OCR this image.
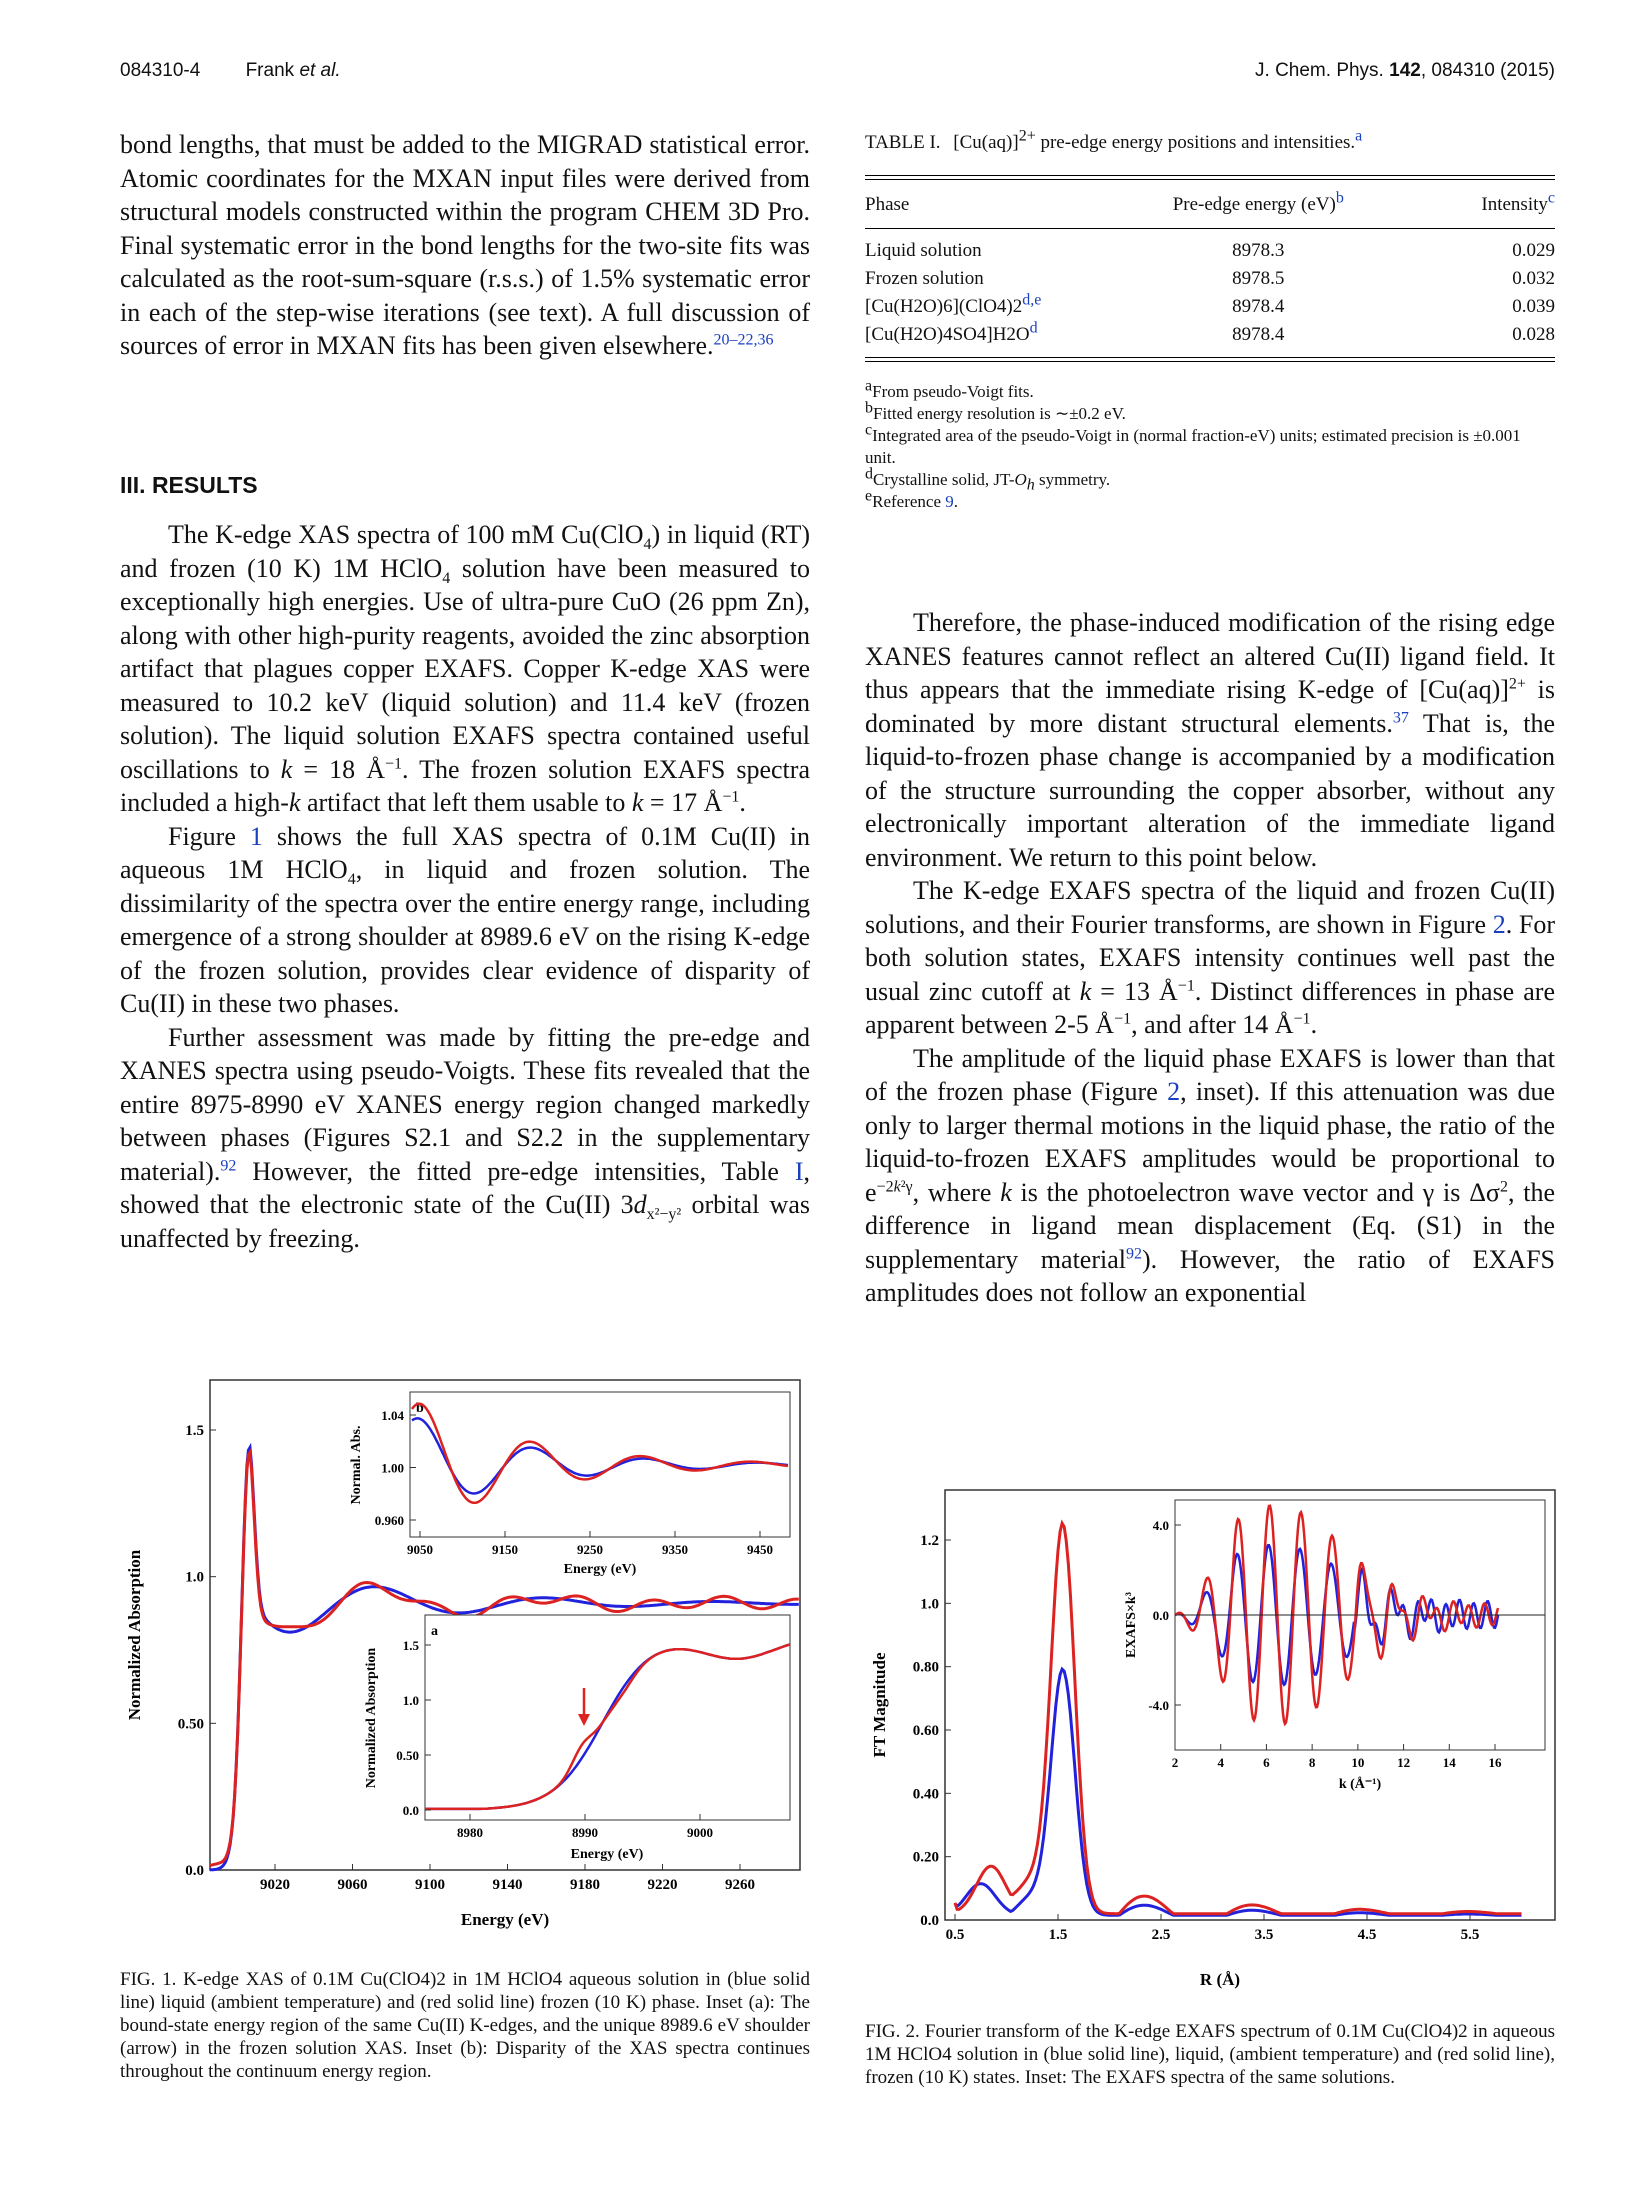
084310-4 Frank et al.	J. Chem. Phys. 142, 084310 (2015)

bond lengths, that must be added to the MIGRAD statistical error. Atomic coordinates for the MXAN input files were derived from structural models constructed within the program CHEM 3D Pro. Final systematic error in the bond lengths for the two-site fits was calculated as the root-sum-square (r.s.s.) of 1.5% systematic error in each of the step-wise iterations (see text). A full discussion of sources of error in MXAN fits has been given elsewhere.$^{20-22,36}$

III. RESULTS

The K-edge XAS spectra of 100 mM Cu(ClO$_4$) in liquid (RT) and frozen (10 K) 1M HClO$_4$ solution have been measured to exceptionally high energies. Use of ultra-pure CuO (26 ppm Zn), along with other high-purity reagents, avoided the zinc absorption artifact that plagues copper EXAFS. Copper K-edge XAS were measured to 10.2 keV (liquid solution) and 11.4 keV (frozen solution). The liquid solution EXAFS spectra contained useful oscillations to k = 18 $Å^{-1}$. The frozen solution EXAFS spectra included a high-k artifact that left them usable to k = 17 $Å^{-1}$.

Figure 1 shows the full XAS spectra of 0.1M Cu(II) in aqueous 1M HClO$_4$, in liquid and frozen solution. The dissimilarity of the spectra over the entire energy range, including emergence of a strong shoulder at 8989.6 eV on the rising K-edge of the frozen solution, provides clear evidence of disparity of Cu(II) in these two phases.

Further assessment was made by fitting the pre-edge and XANES spectra using pseudo-Voigts. These fits revealed that the entire 8975-8990 eV XANES energy region changed markedly between phases (Figures S2.1 and S2.2 in the supplementary material).$^{92}$ However, the fitted pre-edge intensities, Table I, showed that the electronic state of the Cu(II) $3d_{x^2-y^2}$ orbital was unaffected by freezing.

TABLE I. $[Cu(aq)]^{2+}$ pre-edge energy positions and intensities.$^a$
Phase	Pre-edge energy (eV)$^b$	Intensity$^c$
Liquid solution	8978.3	0.029
Frozen solution	8978.5	0.032
[Cu(H2O)6](ClO4)2$^{d,e}$	8978.4	0.039
$[Cu(H2O)4SO4]H2O^d$	8978.4	0.028
$^a$From pseudo-Voigt fits.
$^b$Fitted energy resolution is ∼±0.2 eV.
$^c$Integrated area of the pseudo-Voigt in (normal fraction-eV) units; estimated precision is ±0.001 unit.
$^d$Crystalline solid, $JT-O_h$ symmetry.
$^e$Reference 9.

Therefore, the phase-induced modification of the rising edge XANES features cannot reflect an altered Cu(II) ligand field. It thus appears that the immediate rising K-edge of $[Cu(aq)]^{2+}$ is dominated by more distant structural elements.$^{37}$ That is, the liquid-to-frozen phase change is accompanied by a modification of the structure surrounding the copper absorber, without any electronically important alteration of the immediate ligand environment. We return to this point below.

The K-edge EXAFS spectra of the liquid and frozen Cu(II) solutions, and their Fourier transforms, are shown in Figure 2. For both solution states, EXAFS intensity continues well past the usual zinc cutoff at k = 13 $Å^{-1}$. Distinct differences in phase are apparent between 2-5 $Å^{-1}$, and after 14 $Å^{-1}$.

The amplitude of the liquid phase EXAFS is lower than that of the frozen phase (Figure 2, inset). If this attenuation was due only to larger thermal motions in the liquid phase, the ratio of the liquid-to-frozen EXAFS amplitudes would be proportional to $e^{-2k^2\gamma}$, where k is the photoelectron wave vector and γ is $\Delta\sigma^2$, the difference in ligand mean displacement (Eq. (S1) in the supplementary material$^{92}$). However, the ratio of EXAFS amplitudes does not follow an exponential

9020	9060	9100	9140	9180	9220	9260
1.5
1.0
0.50
0.0
Normalized Absorption
Energy (eV)
b
9050	9150	9250	9350	9450
1.04
1.00
0.960
Energy (eV)
Normal. Abs.
a
8980	8990	9000
1.5
1.0
0.50
0.0
Energy (eV)
Normalized Absorption
FIG. 1. K-edge XAS of 0.1M Cu(ClO4)2 in 1M HClO4 aqueous solution in (blue solid line) liquid (ambient temperature) and (red solid line) frozen (10 K) phase. Inset (a): The bound-state energy region of the same Cu(II) K-edges, and the unique 8989.6 eV shoulder (arrow) in the frozen solution XAS. Inset (b): Disparity of the XAS spectra continues throughout the continuum energy region.
0.5	1.5	2.5	3.5	4.5	5.5
1.2
1.0
0.80
0.60
0.40
0.20
0.0
FT Magnitude
R (Å)
2	4	6	8	10	12	14	16
4.0
0.0
-4.0
k (Å⁻¹)
EXAFS×k³
FIG. 2. Fourier transform of the K-edge EXAFS spectrum of 0.1M Cu(ClO4)2 in aqueous 1M HClO4 solution in (blue solid line), liquid, (ambient temperature) and (red solid line), frozen (10 K) states. Inset: The EXAFS spectra of the same solutions.
